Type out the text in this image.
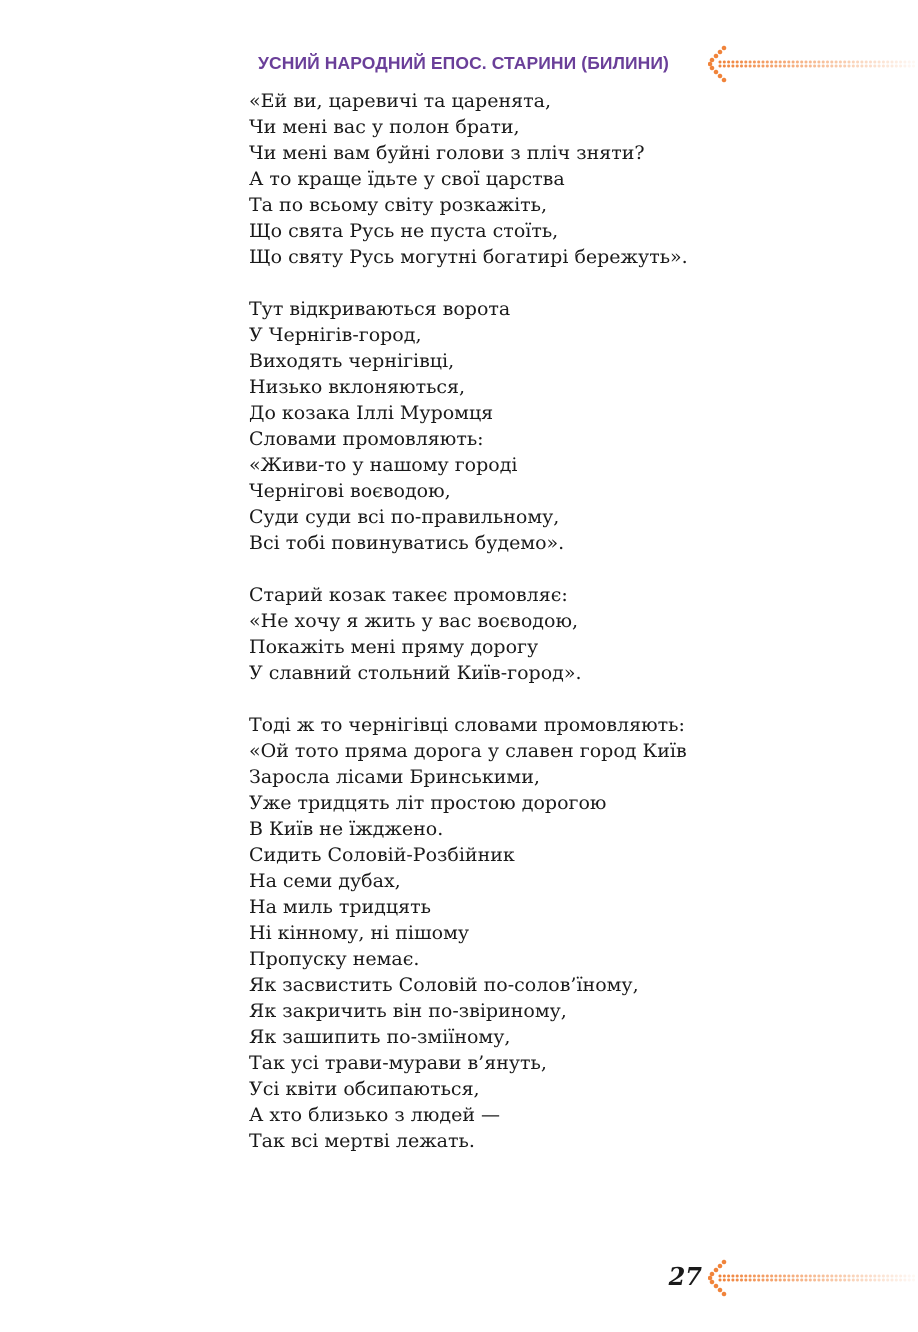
УСНИЙ НАРОДНИЙ ЕПОС. СТАРИНИ (БИЛИНИ)
«Ей ви, царевичі та царенята,
Чи мені вас у полон брати,
Чи мені вам буйні голови з пліч зняти?
А то краще їдьте у свої царства
Та по всьому світу розкажіть,
Що свята Русь не пуста стоїть,
Що святу Русь могутні богатирі бережуть».
Тут відкриваються ворота
У Чернігів-город,
Виходять чернігівці,
Низько вклоняються,
До козака Іллі Муромця
Словами промовляють:
«Живи-то у нашому городі
Чернігові воєводою,
Суди суди всі по-правильному,
Всі тобі повинуватись будемо».
Старий козак такеє промовляє:
«Не хочу я жить у вас воєводою,
Покажіть мені пряму дорогу
У славний стольний Київ-город».
Тоді ж то чернігівці словами промовляють:
«Ой тото пряма дорога у славен город Київ
Заросла лісами Бринськими,
Уже тридцять літ простою дорогою
В Київ не їжджено.
Сидить Соловій-Розбійник
На семи дубах,
На миль тридцять
Ні кінному, ні пішому
Пропуску немає.
Як засвистить Соловій по-солов’їному,
Як закричить він по-звіриному,
Як зашипить по-зміїному,
Так усі трави-мурави в’януть,
Усі квіти обсипаються,
А хто близько з людей —
Так всі мертві лежать.
27
